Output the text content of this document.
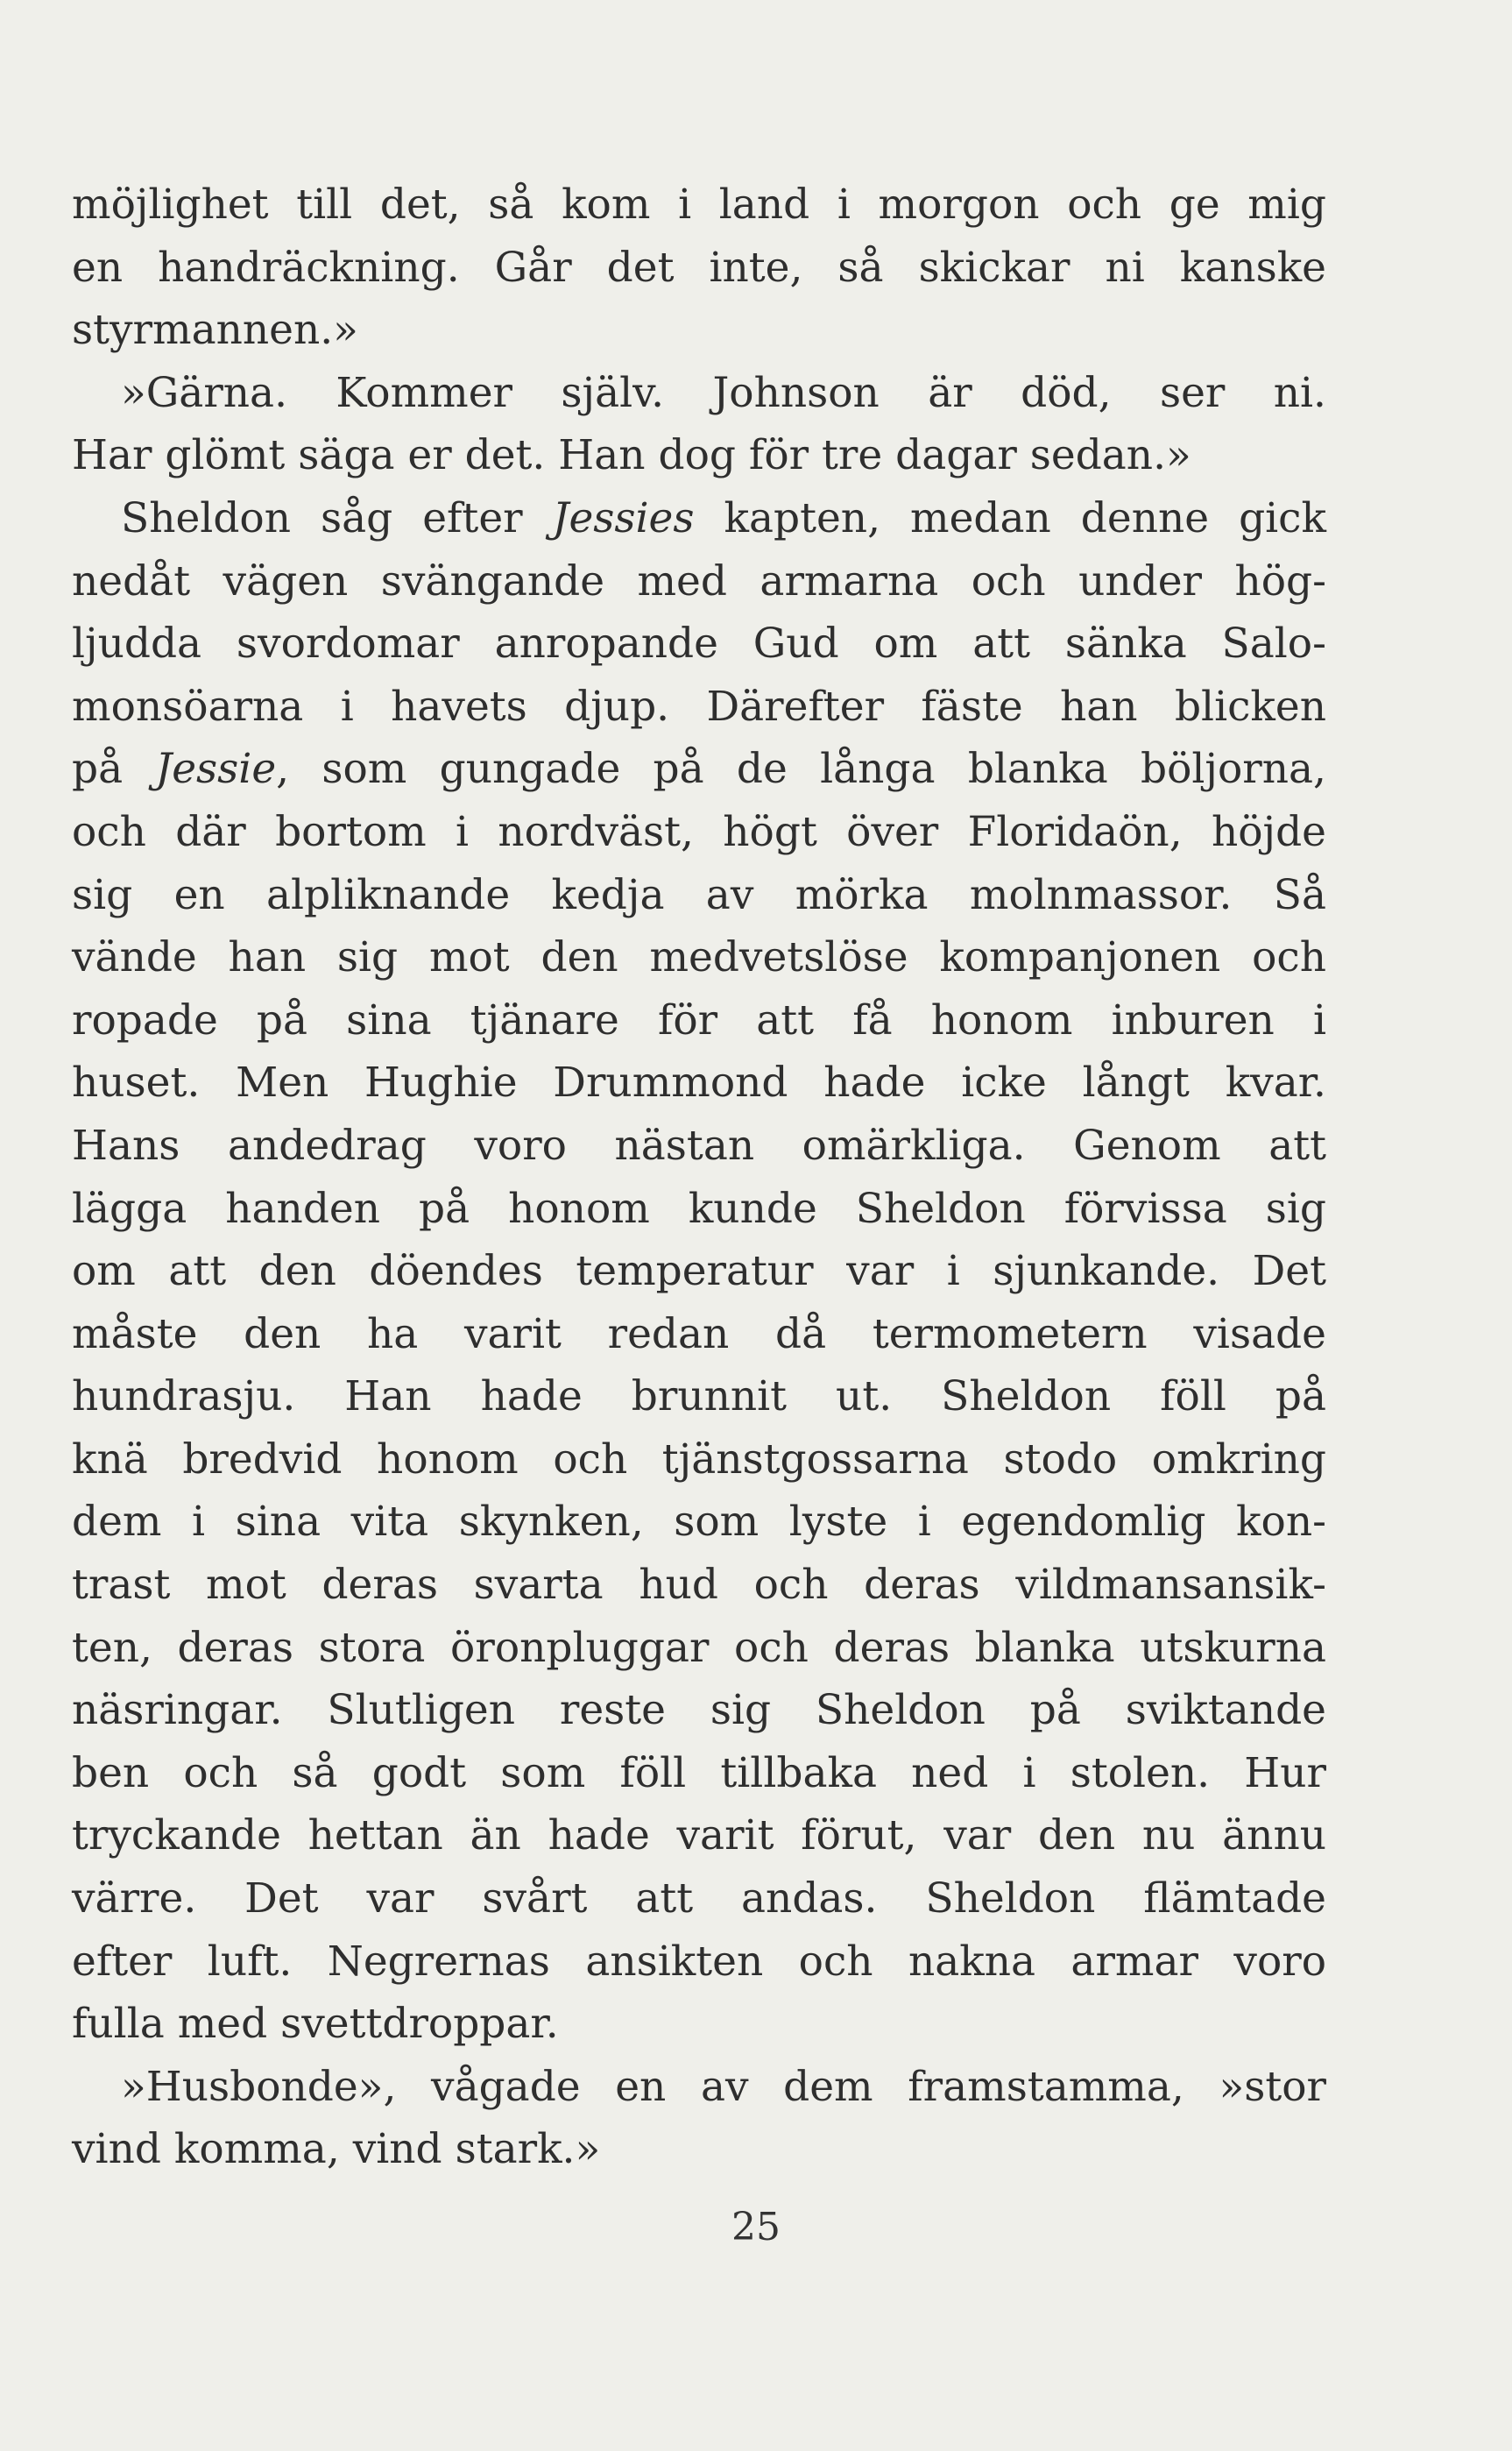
möjlighet till det, så kom i land i morgon och ge mig
en handräckning. Går det inte, så skickar ni kanske
styrmannen.»
»Gärna. Kommer själv. Johnson är död, ser ni.
Har glömt säga er det. Han dog för tre dagar sedan.»
Sheldon såg efter Jessies kapten, medan denne gick
nedåt vägen svängande med armarna och under hög-
ljudda svordomar anropande Gud om att sänka Salo-
monsöarna i havets djup. Därefter fäste han blicken
på Jessie, som gungade på de långa blanka böljorna,
och där bortom i nordväst, högt över Floridaön, höjde
sig en alpliknande kedja av mörka molnmassor. Så
vände han sig mot den medvetslöse kompanjonen och
ropade på sina tjänare för att få honom inburen i
huset. Men Hughie Drummond hade icke långt kvar.
Hans andedrag voro nästan omärkliga. Genom att
lägga handen på honom kunde Sheldon förvissa sig
om att den döendes temperatur var i sjunkande. Det
måste den ha varit redan då termometern visade
hundrasju. Han hade brunnit ut. Sheldon föll på
knä bredvid honom och tjänstgossarna stodo omkring
dem i sina vita skynken, som lyste i egendomlig kon-
trast mot deras svarta hud och deras vildmansansik-
ten, deras stora öronpluggar och deras blanka utskurna
näsringar. Slutligen reste sig Sheldon på sviktande
ben och så godt som föll tillbaka ned i stolen. Hur
tryckande hettan än hade varit förut, var den nu ännu
värre. Det var svårt att andas. Sheldon flämtade
efter luft. Negrernas ansikten och nakna armar voro
fulla med svettdroppar.
»Husbonde», vågade en av dem framstamma, »stor
vind komma, vind stark.»
25
